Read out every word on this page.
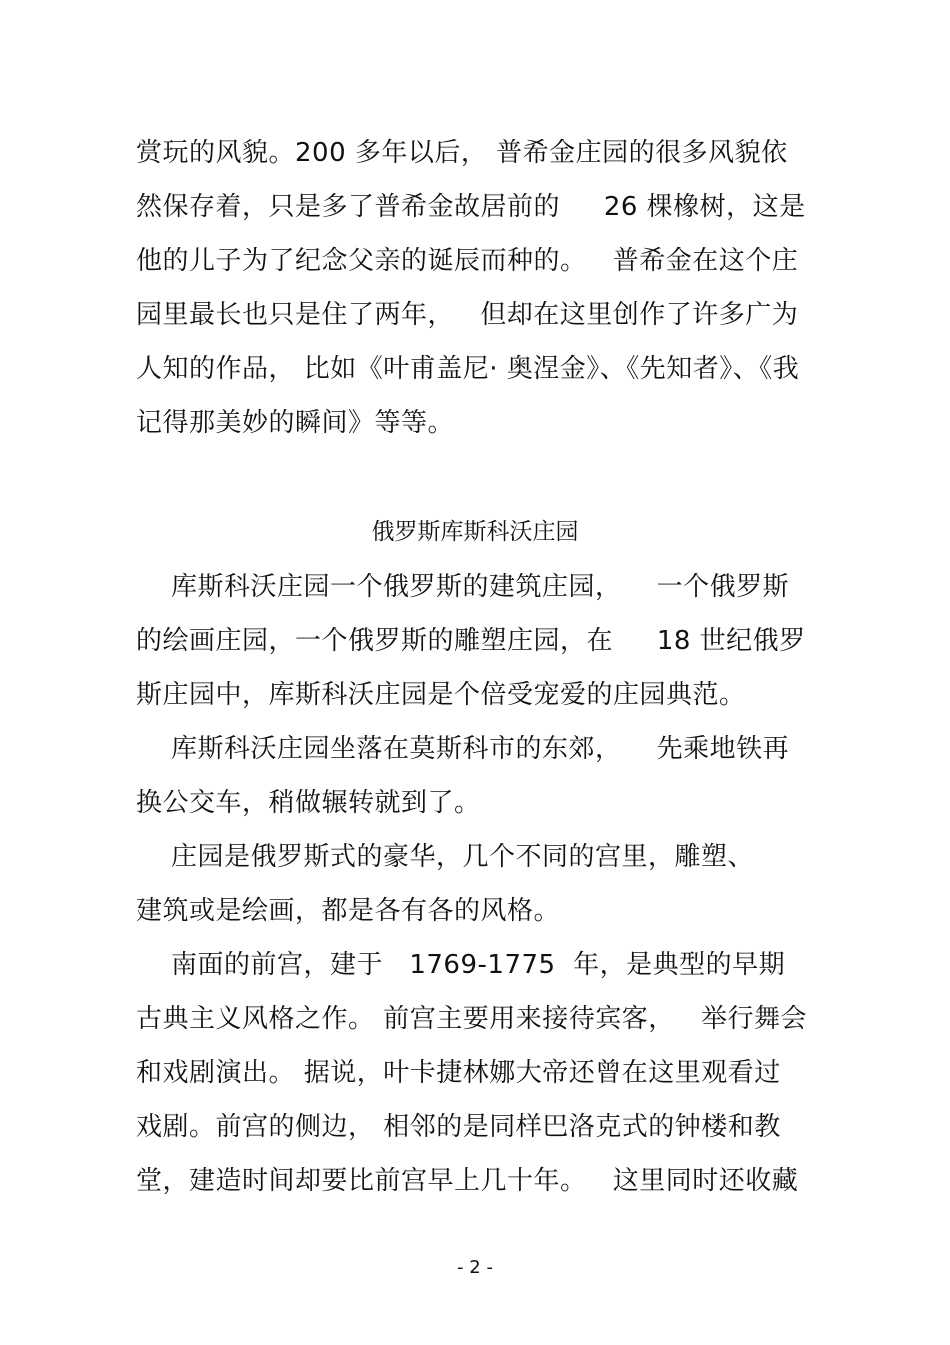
赏玩的风貌。200 多年以后， 普希金庄园的很多风貌依
然保存着，只是多了普希金故居前的     26 棵橡树，这是
他的儿子为了纪念父亲的诞辰而种的。   普希金在这个庄
园里最长也只是住了两年，   但却在这里创作了许多广为
人知的作品， 比如《叶甫盖尼· 奥涅金》、《先知者》、《我
记得那美妙的瞬间》等等。
俄罗斯库斯科沃庄园
库斯科沃庄园一个俄罗斯的建筑庄园，    一个俄罗斯
的绘画庄园，一个俄罗斯的雕塑庄园，在     18 世纪俄罗
斯庄园中，库斯科沃庄园是个倍受宠爱的庄园典范。
库斯科沃庄园坐落在莫斯科市的东郊，    先乘地铁再
换公交车，稍做辗转就到了。
庄园是俄罗斯式的豪华，几个不同的宫里，雕塑、
建筑或是绘画，都是各有各的风格。
南面的前宫，建于   1769-1775  年，是典型的早期
古典主义风格之作。 前宫主要用来接待宾客，   举行舞会
和戏剧演出。 据说，叶卡捷林娜大帝还曾在这里观看过
戏剧。前宫的侧边， 相邻的是同样巴洛克式的钟楼和教
堂，建造时间却要比前宫早上几十年。   这里同时还收藏
- 2 -
